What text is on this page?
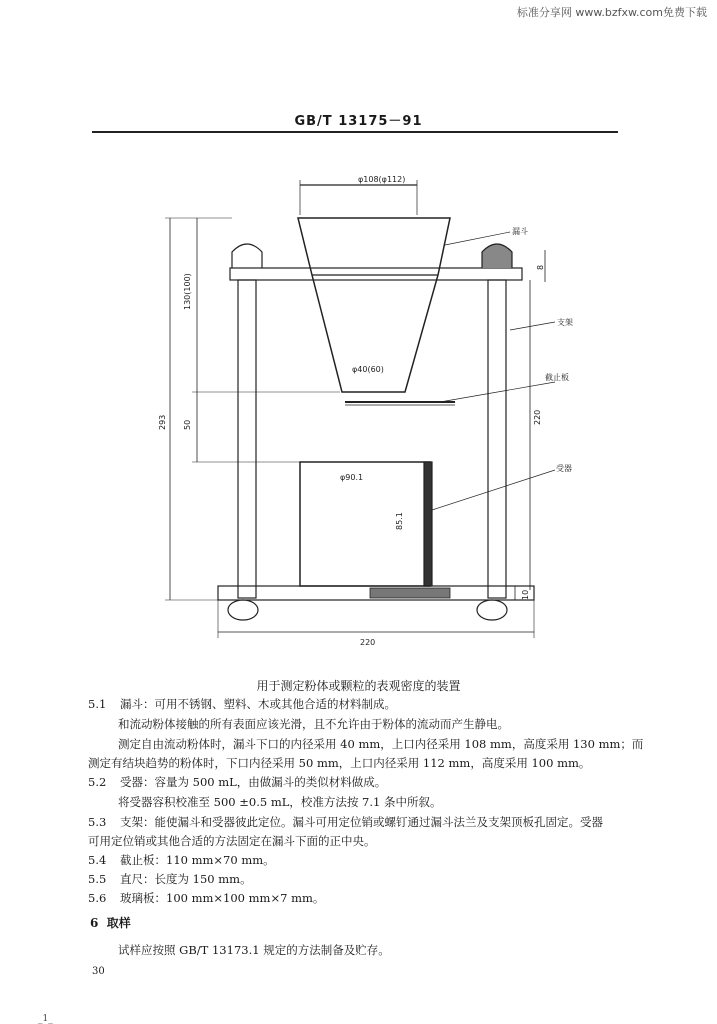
标准分享网 www.bzfxw.com免费下载
GB/T 13175－91
φ108(φ112)
130(100)
293 50
φ40(60)
φ90.1
85.1
220
8
10
220
漏斗
支架
截止板
受器
用于测定粉体或颗粒的表观密度的装置
5.1 漏斗：可用不锈钢、塑料、木或其他合适的材料制成。
和流动粉体接触的所有表面应该光滑，且不允许由于粉体的流动而产生静电。
测定自由流动粉体时，漏斗下口的内径采用 40 mm，上口内径采用 108 mm，高度采用 130 mm；而
测定有结块趋势的粉体时，下口内径采用 50 mm，上口内径采用 112 mm，高度采用 100 mm。
5.2 受器：容量为 500 mL，由做漏斗的类似材料做成。
将受器容积校准至 500 ±0.5 mL，校准方法按 7.1 条中所叙。
5.3 支架：能使漏斗和受器彼此定位。漏斗可用定位销或螺钉通过漏斗法兰及支架顶板孔固定。受器
可用定位销或其他合适的方法固定在漏斗下面的正中央。
5.4 截止板：110 mm×70 mm。
5.5 直尺：长度为 150 mm。
5.6 玻璃板：100 mm×100 mm×7 mm。
6 取样
试样应按照 GB/T 13173.1 规定的方法制备及贮存。
30
_1_
